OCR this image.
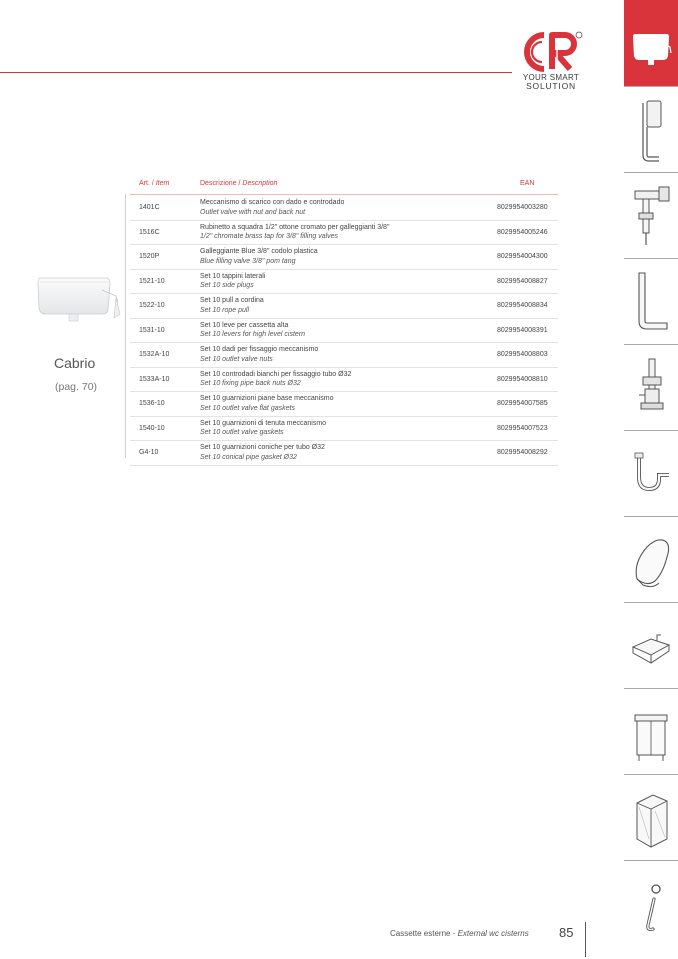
YOUR SMART
SOLUTION
Cabrio
(pag. 70)
Art. / Item	Descrizione / Description	EAN
1401C
Meccanismo di scarico con dado e controdado
Outlet valve with nut and back nut
8029954003280
1516C
Rubinetto a squadra 1/2" ottone cromato per galleggianti 3/8"
1/2" chromate brass tap for 3/8" filling valves
8029954005246
1520P
Galleggiante Blue 3/8" codolo plastica
Blue filling valve 3/8" pom tang
8029954004300
1521-10
Set 10 tappini laterali
Set 10 side plugs
8029954008827
1522-10
Set 10 pull a cordina
Set 10 rope pull
8029954008834
1531-10
Set 10 leve per cassetta alta
Set 10 levers for high level cistern
8029954008391
1532A-10
Set 10 dadi per fissaggio meccanismo
Set 10 outlet valve nuts
8029954008803
1533A-10
Set 10 controdadi bianchi per fissaggio tubo Ø32
Set 10 fixing pipe back nuts Ø32
8029954008810
1536-10
Set 10 guarnizioni piane base meccanismo
Set 10 outlet valve flat gaskets
8029954007585
1540-10
Set 10 guarnizioni di tenuta meccanismo
Set 10 outlet valve gaskets
8029954007523
G4-10
Set 10 guarnizioni coniche per tubo Ø32
Set 10 conical pipe gasket Ø32
8029954008292
Cassette esterne - External wc cisterns 85
